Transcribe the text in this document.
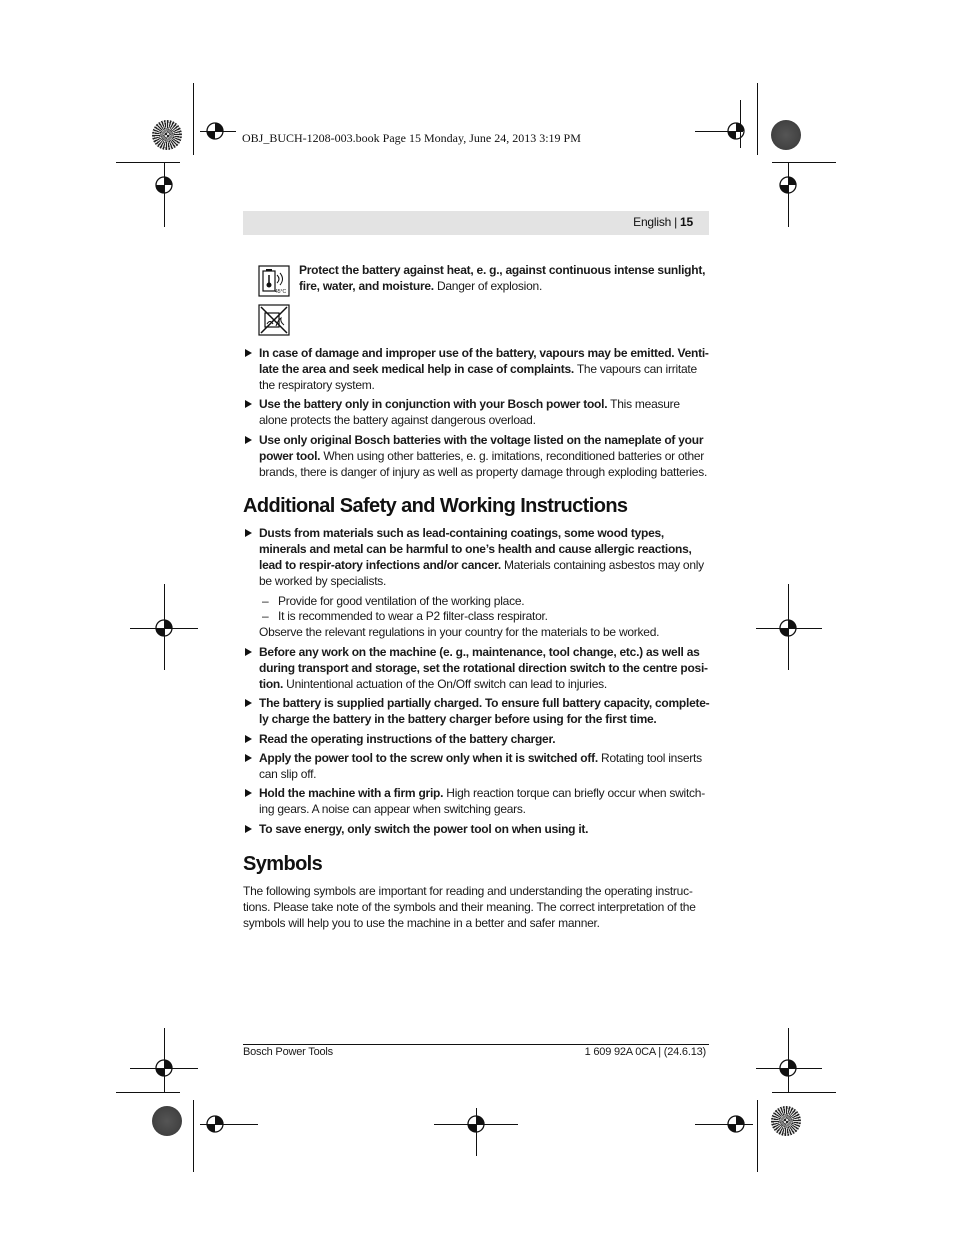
OBJ_BUCH-1208-003.book Page 15 Monday, June 24, 2013 3:19 PM
English | 15
45°C

Protect the battery against heat, e. g., against continuous intense sunlight, fire, water, and moisture. Danger of explosion.
In case of damage and improper use of the battery, vapours may be emitted. Venti-late the area and seek medical help in case of complaints. The vapours can irritate the respiratory system.
Use the battery only in conjunction with your Bosch power tool. This measure alone protects the battery against dangerous overload.
Use only original Bosch batteries with the voltage listed on the nameplate of your power tool. When using other batteries, e. g. imitations, reconditioned batteries or other brands, there is danger of injury as well as property damage through exploding batteries.
Additional Safety and Working Instructions
Dusts from materials such as lead-containing coatings, some wood types, minerals and metal can be harmful to one’s health and cause allergic reactions, lead to respir-atory infections and/or cancer. Materials containing asbestos may only be worked by specialists.
– Provide for good ventilation of the working place.
– It is recommended to wear a P2 filter-class respirator.
Observe the relevant regulations in your country for the materials to be worked.
Before any work on the machine (e. g., maintenance, tool change, etc.) as well as during transport and storage, set the rotational direction switch to the centre posi-tion. Unintentional actuation of the On/Off switch can lead to injuries.
The battery is supplied partially charged. To ensure full battery capacity, complete-ly charge the battery in the battery charger before using for the first time.
Read the operating instructions of the battery charger.
Apply the power tool to the screw only when it is switched off. Rotating tool inserts can slip off.
Hold the machine with a firm grip. High reaction torque can briefly occur when switch-ing gears. A noise can appear when switching gears.
To save energy, only switch the power tool on when using it.
Symbols
The following symbols are important for reading and understanding the operating instruc-tions. Please take note of the symbols and their meaning. The correct interpretation of the symbols will help you to use the machine in a better and safer manner.
Bosch Power Tools	1 609 92A 0CA | (24.6.13)
